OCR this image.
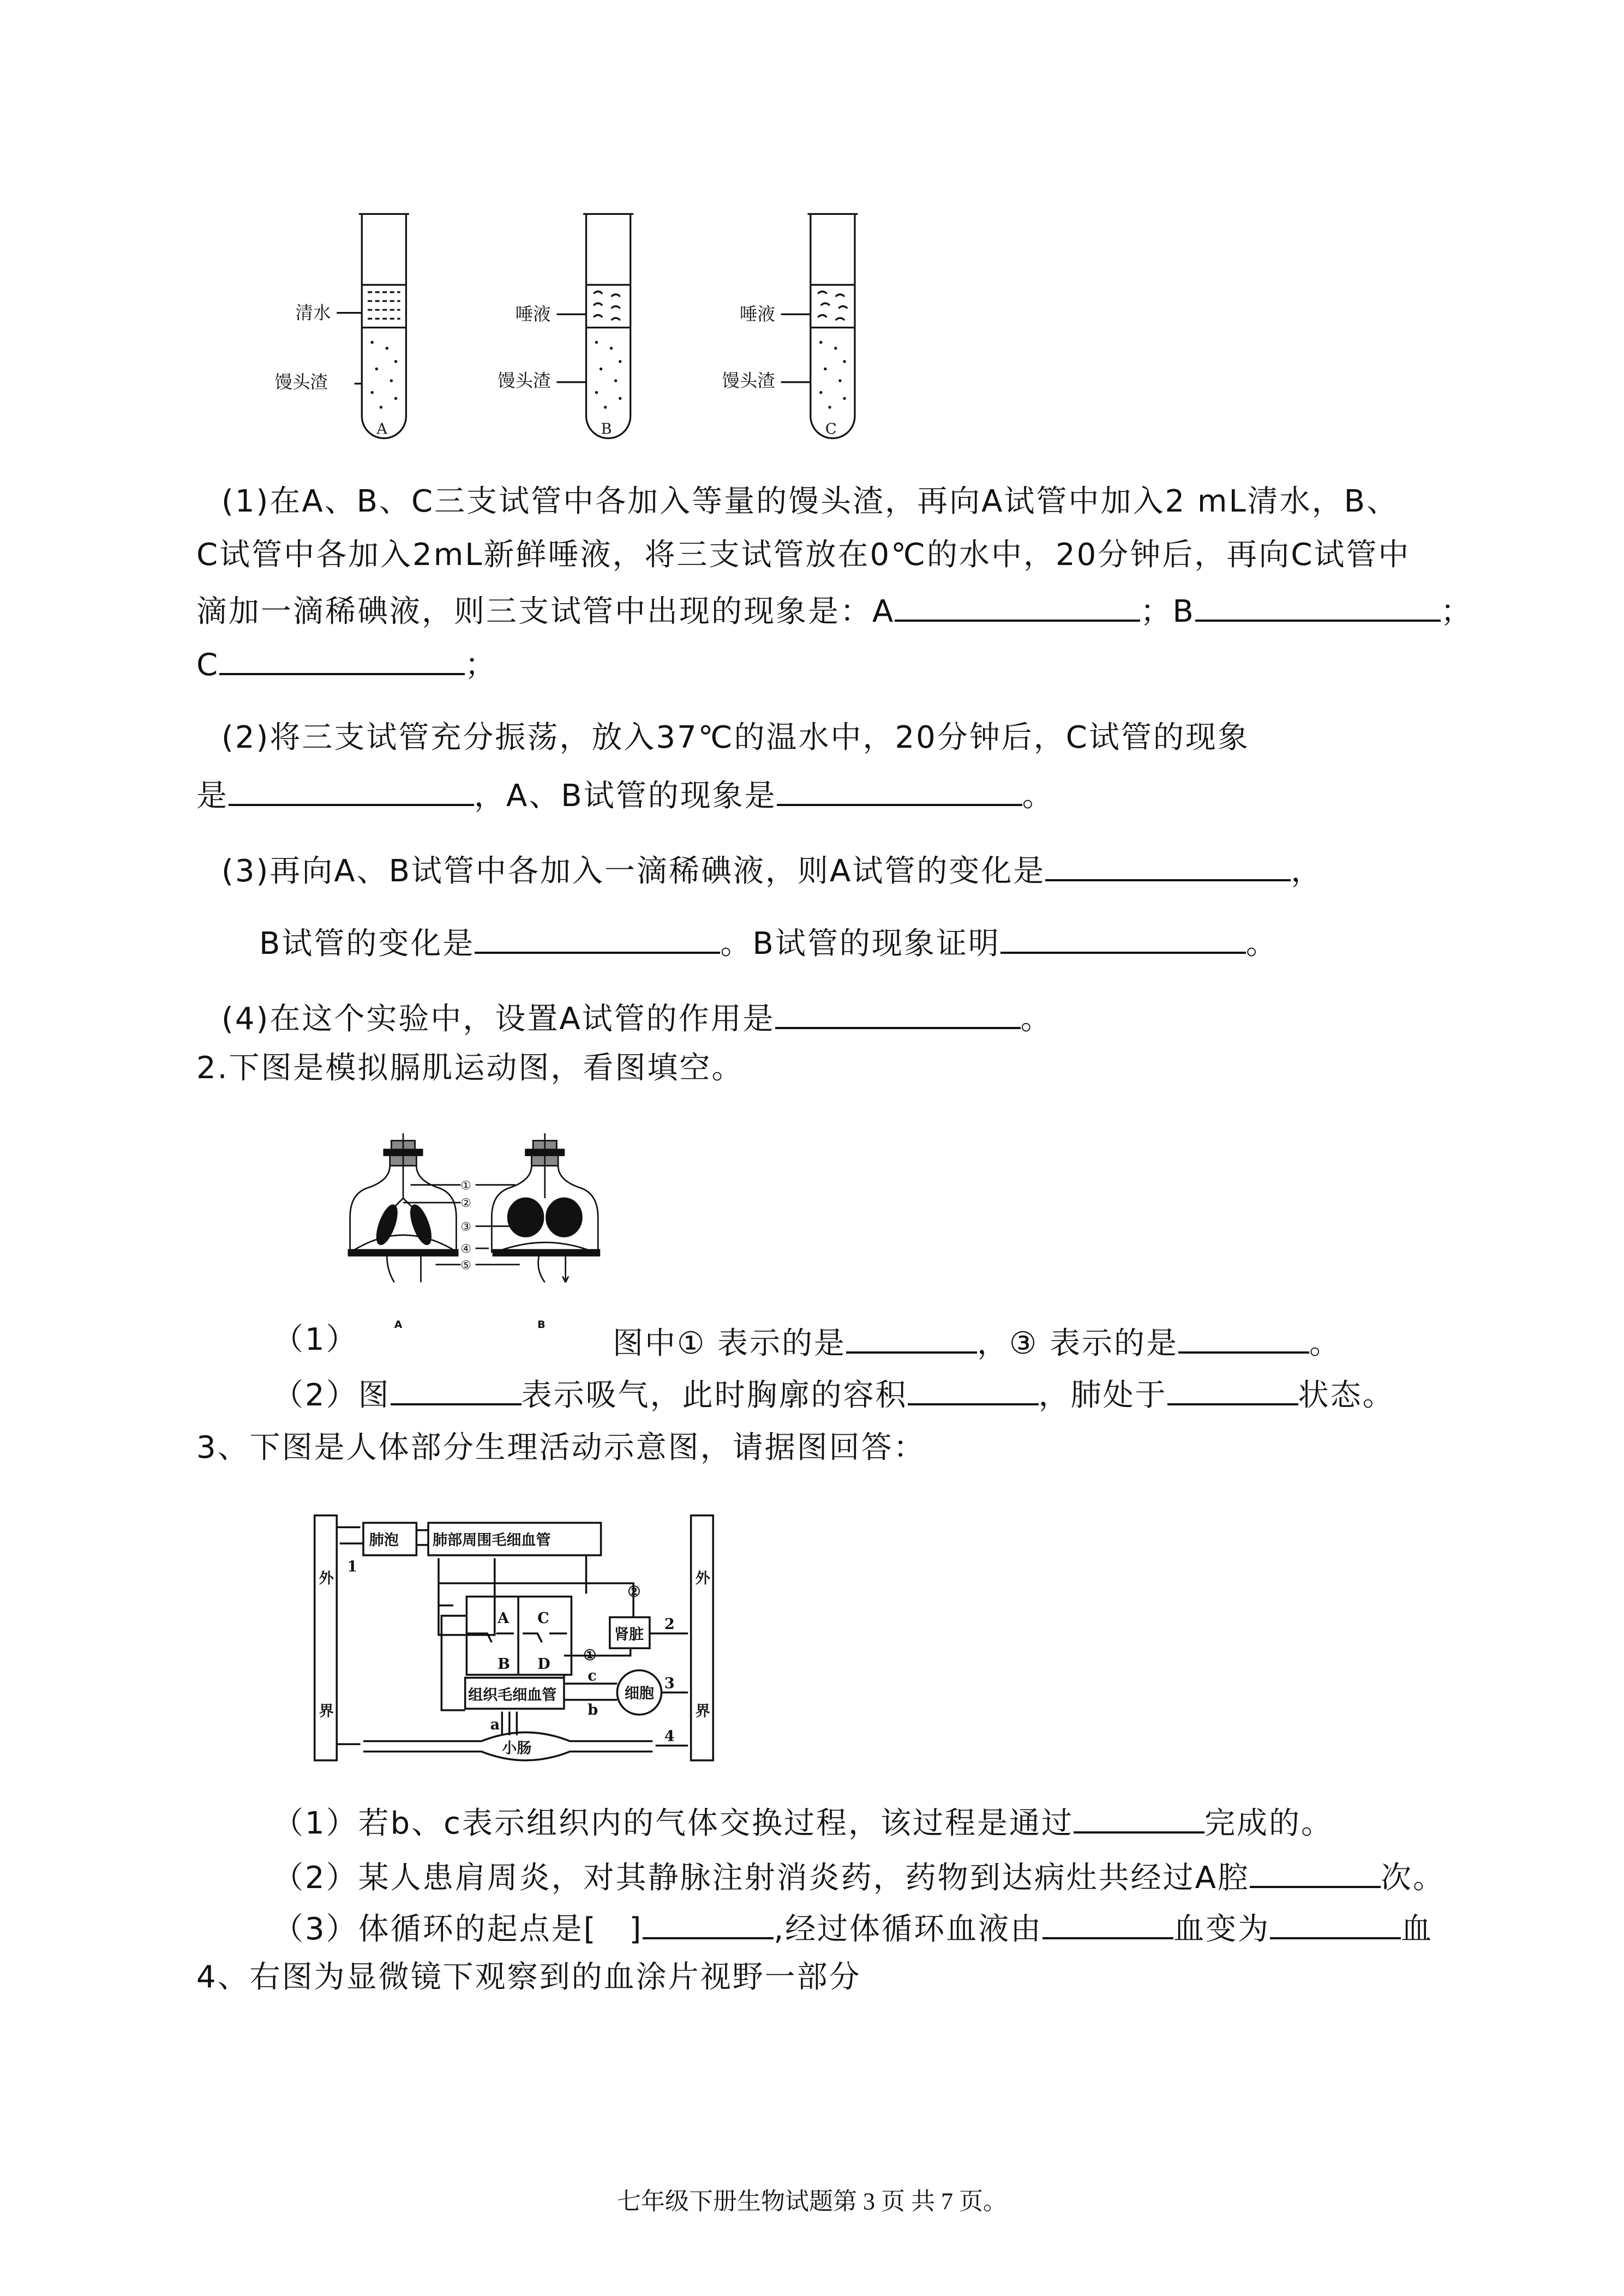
清水
馒头渣
A
唾液
馒头渣
B
唾液
馒头渣
C
①
②
③
④
⑤
A	B
外
界
外
界
肺泡	肺部周围毛细血管
A
B
C
D
肾脏
组织毛细血管	细胞
小肠
1
2
3
4
a
c
b
①
②
(1)在A、B、C三支试管中各加入等量的馒头渣，再向A试管中加入2 mL清水，B、
C试管中各加入2mL新鲜唾液，将三支试管放在0℃的水中，20分钟后，再向C试管中
滴加一滴稀碘液，则三支试管中出现的现象是：A	；B	；
C	；
(2)将三支试管充分振荡，放入37℃的温水中，20分钟后，C试管的现象
是	，A、B试管的现象是	。
(3)再向A、B试管中各加入一滴稀碘液，则A试管的变化是	，
B试管的变化是	。B试管的现象证明	。
(4)在这个实验中，设置A试管的作用是	。
2.下图是模拟膈肌运动图，看图填空。
（1）	图中① 表示的是	，③ 表示的是	。
（2）图	表示吸气，此时胸廓的容积	，肺处于	状态。
3、下图是人体部分生理活动示意图，请据图回答：
（1）若b、c表示组织内的气体交换过程，该过程是通过	完成的。
（2）某人患肩周炎，对其静脉注射消炎药，药物到达病灶共经过A腔	次。
（3）体循环的起点是[　]	,经过体循环血液由	血变为	血
4、右图为显微镜下观察到的血涂片视野一部分
七年级下册生物试题第 3 页 共 7 页。
